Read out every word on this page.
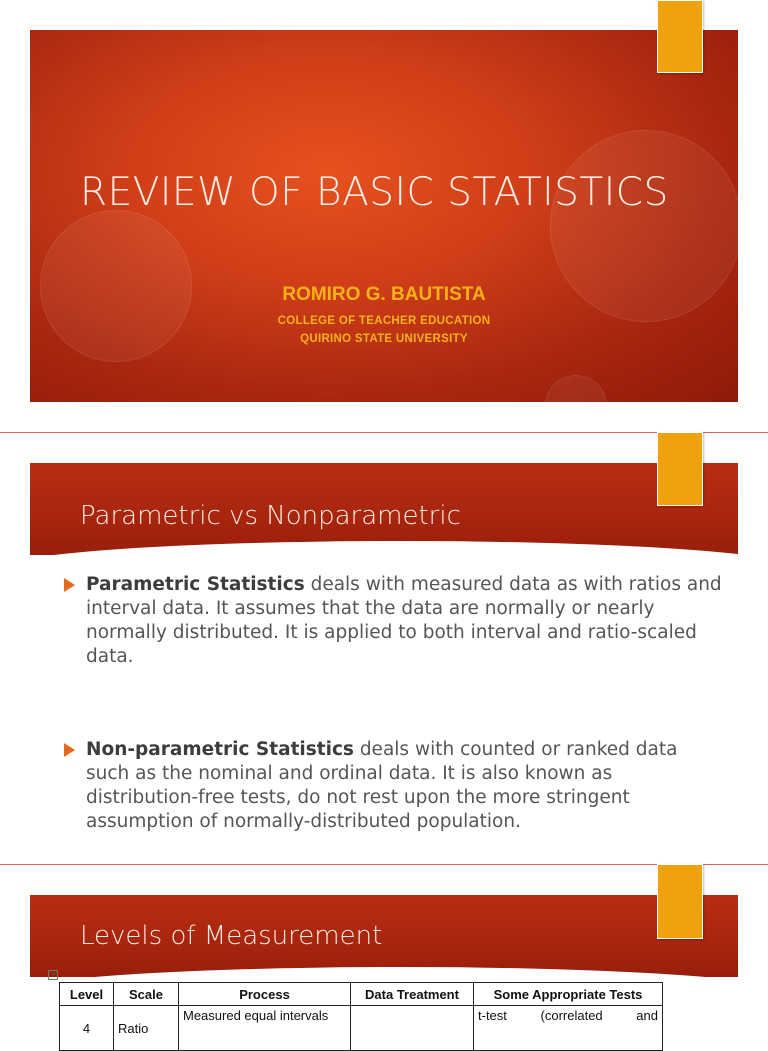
REVIEW OF BASIC STATISTICS
ROMIRO G. BAUTISTA
COLLEGE OF TEACHER EDUCATION
QUIRINO STATE UNIVERSITY
Parametric vs Nonparametric
Parametric Statistics deals with measured data as with ratios and interval data. It assumes that the data are normally or nearly normally distributed. It is applied to both interval and ratio-scaled data.
Non-parametric Statistics deals with counted or ranked data such as the nominal and ordinal data. It is also known as distribution-free tests, do not rest upon the more stringent assumption of normally-distributed population.
Levels of Measurement
+
Level	Scale	Process	Data Treatment	Some Appropriate Tests
4	Ratio	Measured equal intervals		t-test (correlated and
